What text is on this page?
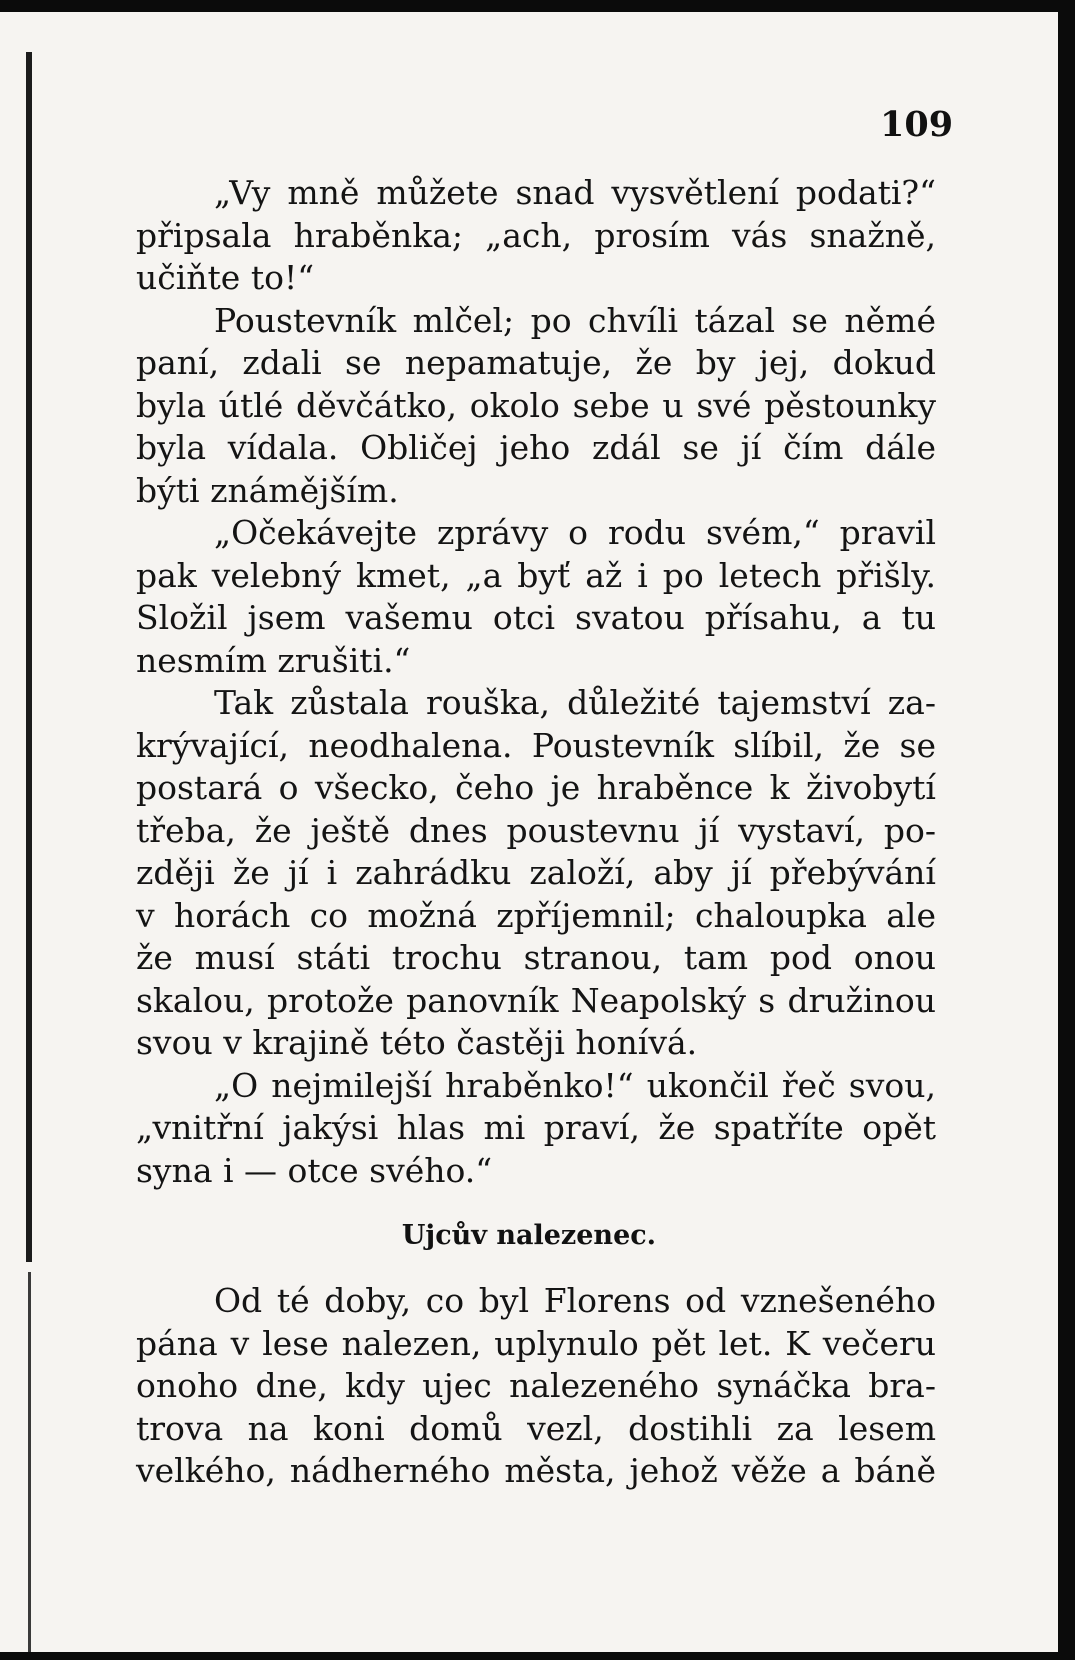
109
„Vy mně můžete snad vysvětlení podati?“
připsala hraběnka; „ach, prosím vás snažně,
učiňte to!“
Poustevník mlčel; po chvíli tázal se němé
paní, zdali se nepamatuje, že by jej, dokud
byla útlé děvčátko, okolo sebe u své pěstounky
byla vídala. Obličej jeho zdál se jí čím dále
býti známějším.
„Očekávejte zprávy o rodu svém,“ pravil
pak velebný kmet, „a byť až i po letech přišly.
Složil jsem vašemu otci svatou přísahu, a tu
nesmím zrušiti.“
Tak zůstala rouška, důležité tajemství za-
krývající, neodhalena. Poustevník slíbil, že se
postará o všecko, čeho je hraběnce k živobytí
třeba, že ještě dnes poustevnu jí vystaví, po-
zději že jí i zahrádku založí, aby jí přebývání
v horách co možná zpříjemnil; chaloupka ale
že musí státi trochu stranou, tam pod onou
skalou, protože panovník Neapolský s družinou
svou v krajině této častěji honívá.
„O nejmilejší hraběnko!“ ukončil řeč svou,
„vnitřní jakýsi hlas mi praví, že spatříte opět
syna i — otce svého.“
Ujcův nalezenec.
Od té doby, co byl Florens od vznešeného
pána v lese nalezen, uplynulo pět let. K večeru
onoho dne, kdy ujec nalezeného synáčka bra-
trova na koni domů vezl, dostihli za lesem
velkého, nádherného města, jehož věže a báně
